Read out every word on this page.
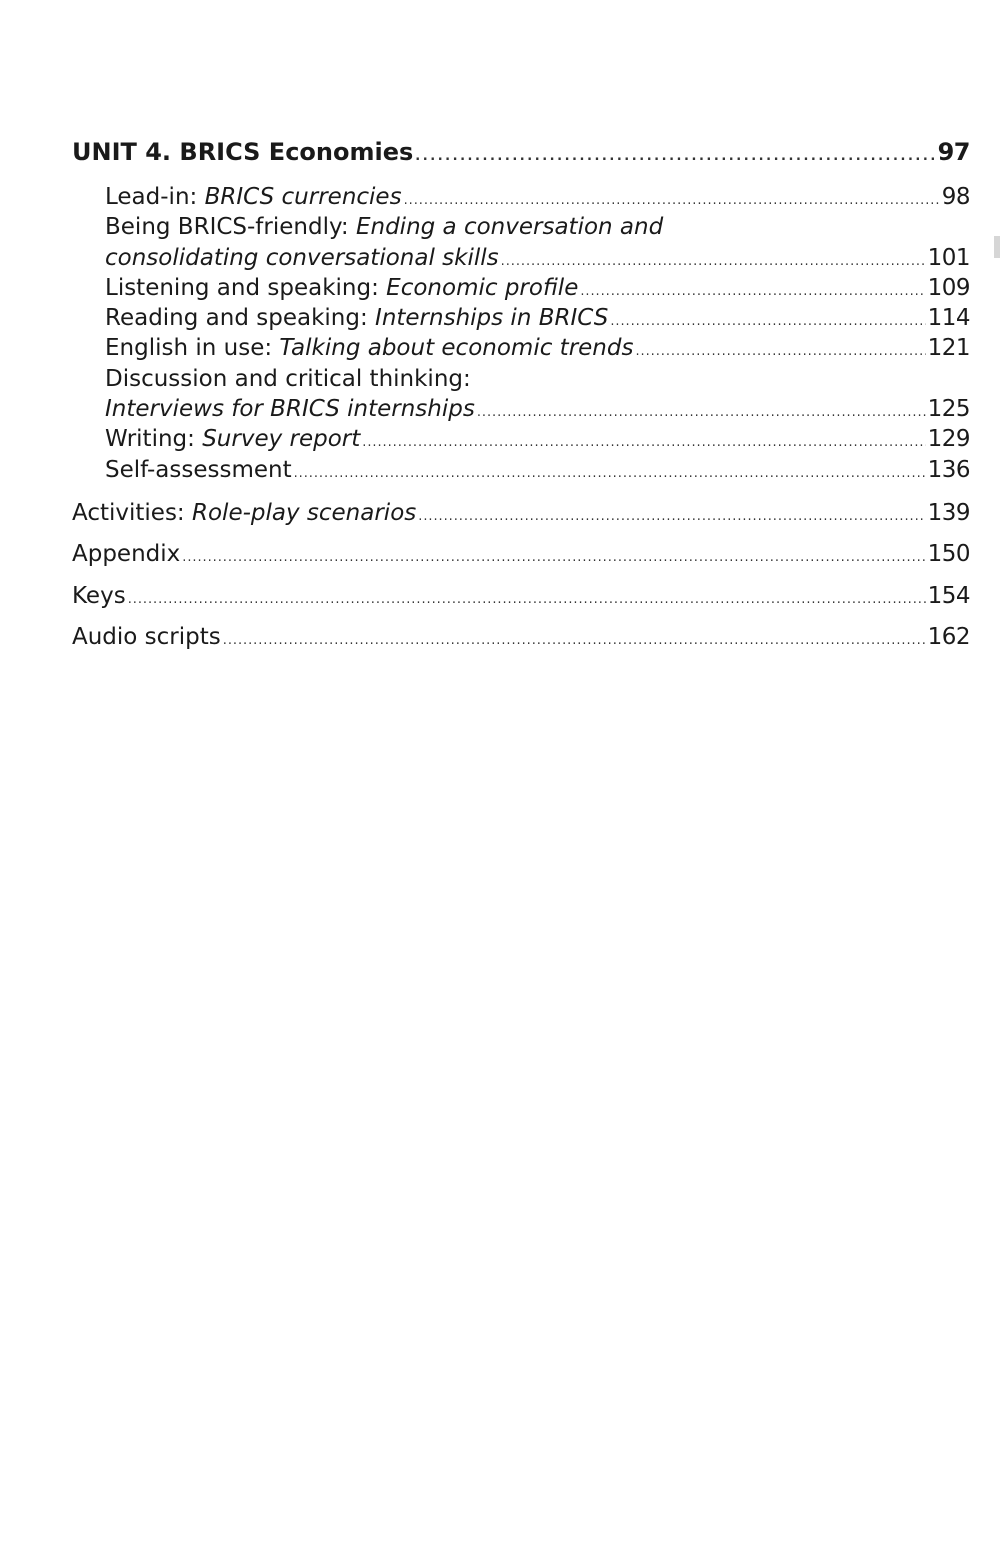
UNIT 4. BRICS Economies . . .	97
Lead-in: BRICS currencies . . .	98
Being BRICS-friendly: Ending a conversation and
consolidating conversational skills . . .	101
Listening and speaking: Economic profile . . .	109
Reading and speaking: Internships in BRICS . . .	114
English in use: Talking about economic trends . . .	121
Discussion and critical thinking:
Interviews for BRICS internships . . .	125
Writing: Survey report . . .	129
Self-assessment . . .	136
Activities: Role-play scenarios . . .	139
Appendix . . .	150
Keys . . .	154
Audio scripts . . .	162
